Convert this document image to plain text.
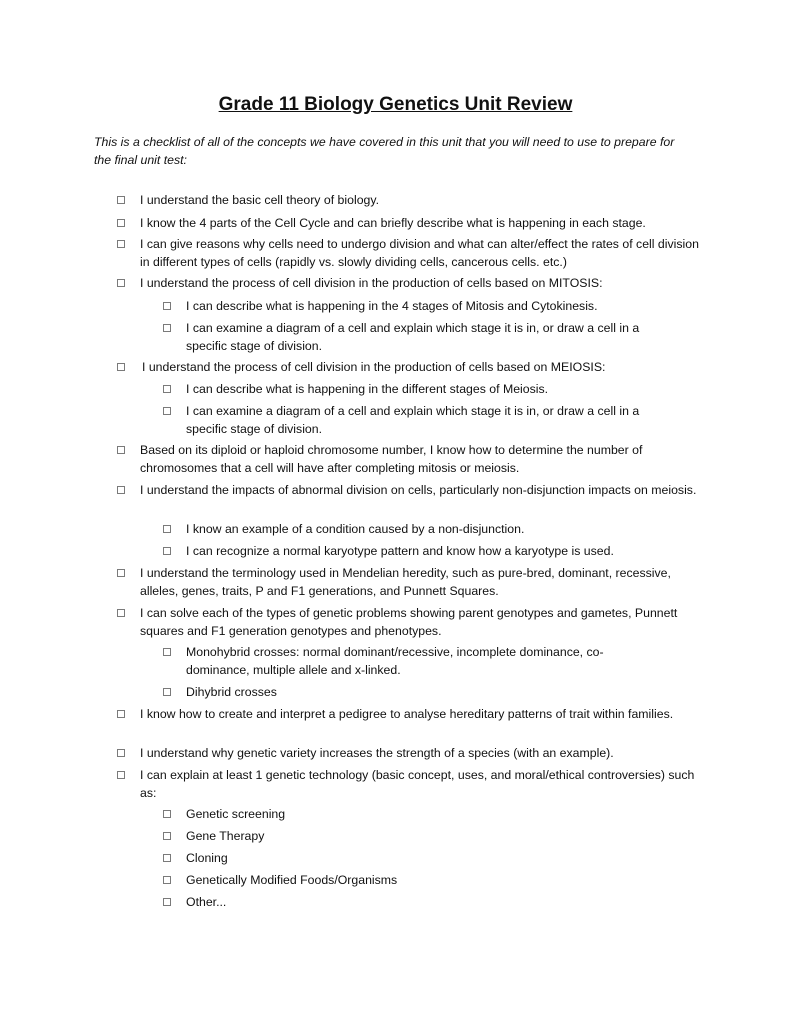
Grade 11 Biology Genetics Unit Review
This is a checklist of all of the concepts we have covered in this unit that you will need to use to prepare for the final unit test:
I understand the basic cell theory of biology.
I know the 4 parts of the Cell Cycle and can briefly describe what is happening in each stage.
I can give reasons why cells need to undergo division and what can alter/effect the rates of cell division in different types of cells (rapidly vs. slowly dividing cells, cancerous cells. etc.)
I understand the process of cell division in the production of cells based on MITOSIS:
I can describe what is happening in the 4 stages of Mitosis and Cytokinesis.
I can examine a diagram of a cell and explain which stage it is in, or draw a cell in a specific stage of division.
I understand the process of cell division in the production of cells based on MEIOSIS:
I can describe what is happening in the different stages of Meiosis.
I can examine a diagram of a cell and explain which stage it is in, or draw a cell in a specific stage of division.
Based on its diploid or haploid chromosome number, I know how to determine the number of chromosomes that a cell will have after completing mitosis or meiosis.
I understand the impacts of abnormal division on cells, particularly non-disjunction impacts on meiosis.
I know an example of a condition caused by a non-disjunction.
I can recognize a normal karyotype pattern and know how a karyotype is used.
I understand the terminology used in Mendelian heredity, such as pure-bred, dominant, recessive, alleles, genes, traits, P and F1 generations, and Punnett Squares.
I can solve each of the types of genetic problems showing parent genotypes and gametes, Punnett squares and F1 generation genotypes and phenotypes.
Monohybrid crosses: normal dominant/recessive, incomplete dominance, co-dominance, multiple allele and x-linked.
Dihybrid crosses
I know how to create and interpret a pedigree to analyse hereditary patterns of trait within families.
I understand why genetic variety increases the strength of a species (with an example).
I can explain at least 1 genetic technology (basic concept, uses, and moral/ethical controversies) such as:
Genetic screening
Gene Therapy
Cloning
Genetically Modified Foods/Organisms
Other...
